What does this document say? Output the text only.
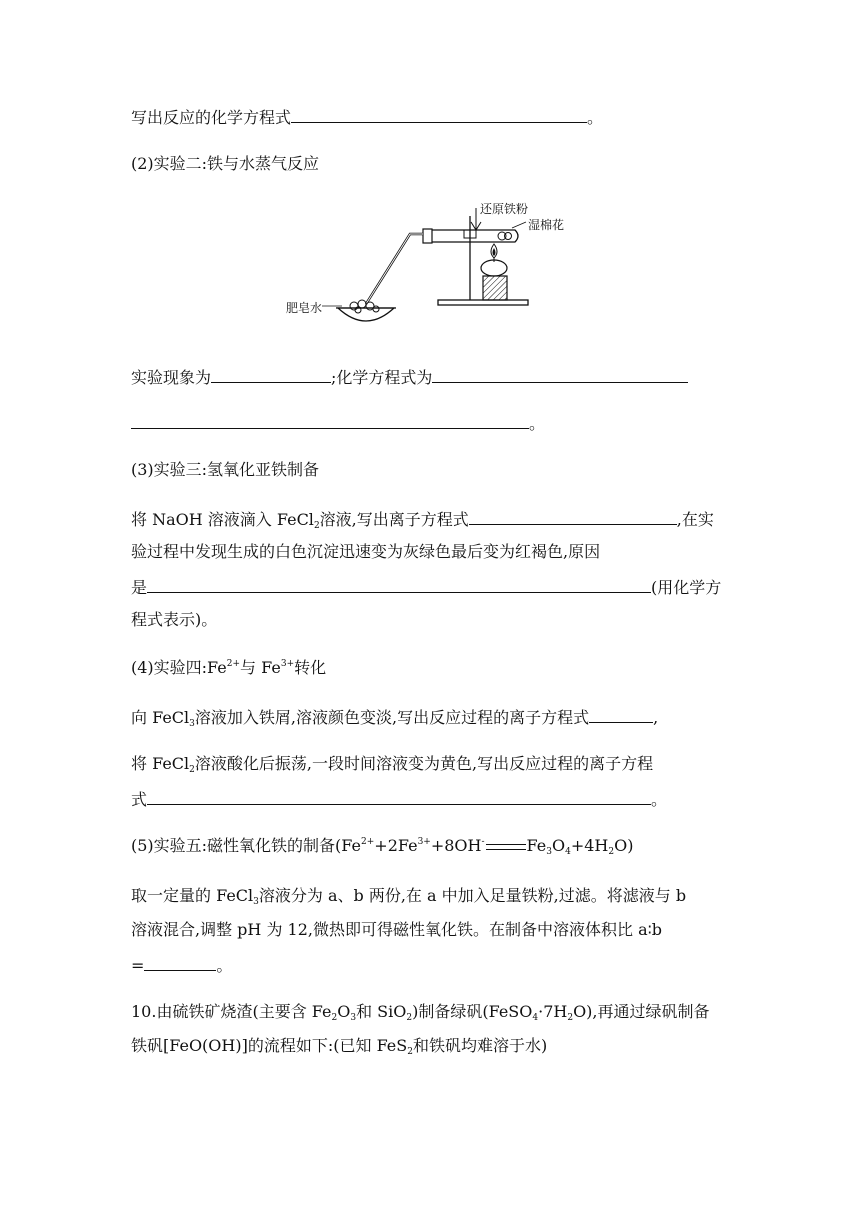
写出反应的化学方程式	。
(2)实验二:铁与水蒸气反应
还原铁粉
湿棉花
肥皂水
实验现象为	;化学方程式为
。
(3)实验三:氢氧化亚铁制备
将 NaOH 溶液滴入 FeCl$_2$溶液,写出离子方程式	,在实
验过程中发现生成的白色沉淀迅速变为灰绿色最后变为红褐色,原因
是	(用化学方
程式表示)。
(4)实验四$:Fe^{2+}$与 $Fe^{3+}$转化
向 FeCl$_3$溶液加入铁屑,溶液颜色变淡,写出反应过程的离子方程式	,
将 FeCl$_2$溶液酸化后振荡,一段时间溶液变为黄色,写出反应过程的离子方程
式	。
(5)实验五:磁性氧化铁的制备($Fe^{2+}+2Fe^{3+}+8OH^-$	$Fe_3O_4+4H_2O$)
取一定量的 FeCl$_3$溶液分为 a、b 两份,在 a 中加入足量铁粉,过滤。将滤液与 b
溶液混合,调整 pH 为 12,微热即可得磁性氧化铁。在制备中溶液体积比 a∶b
=	。
10.由硫铁矿烧渣(主要含 $Fe_2O_3$和 SiO$_2$)制备绿矾$(FeSO_4\cdot 7H_2O)$,再通过绿矾制备
铁矾[FeO(OH)]的流程如下:(已知 FeS$_2$和铁矾均难溶于水)
